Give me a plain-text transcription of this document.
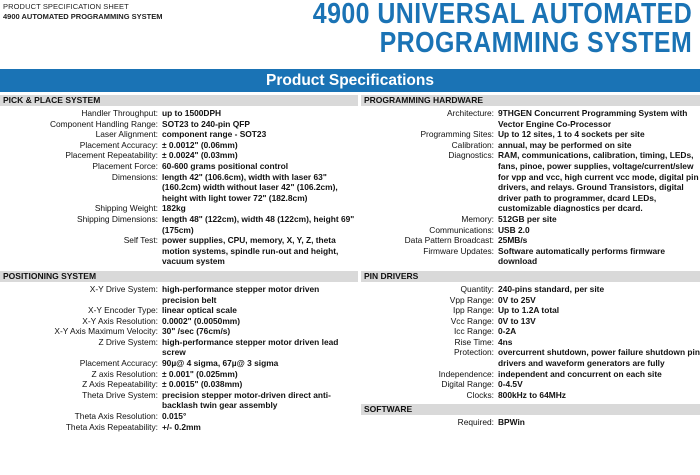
PRODUCT SPECIFICATION SHEET
4900 AUTOMATED PROGRAMMING SYSTEM	4900 UNIVERSAL AUTOMATED
PROGRAMMING SYSTEM
Product Specifications
PICK & PLACE SYSTEM
Handler Throughput: up to 1500DPH
Component Handling Range: SOT23 to 240-pin QFP
Laser Alignment: component range - SOT23
Placement Accuracy: ± 0.0012" (0.06mm)
Placement Repeatability: ± 0.0024" (0.03mm)
Placement Force: 60-600 grams positional control
Dimensions: length 42" (106.6cm), width with laser 63" (160.2cm) width without laser 42" (106.2cm), height with light tower 72" (182.8cm)
Shipping Weight: 182kg
Shipping Dimensions: length 48" (122cm), width 48 (122cm), height 69" (175cm)
Self Test: power supplies, CPU, memory, X, Y, Z, theta motion systems, spindle run-out and height, vacuum system
POSITIONING SYSTEM
X-Y Drive System: high-performance stepper motor driven precision belt
X-Y Encoder Type: linear optical scale
X-Y Axis Resolution: 0.0002" (0.0050mm)
X-Y Axis Maximum Velocity: 30" /sec (76cm/s)
Z Drive System: high-performance stepper motor driven lead screw
Placement Accuracy: 90µ@ 4 sigma, 67µ@ 3 sigma
Z axis Resolution: ± 0.001" (0.025mm)
Z Axis Repeatability: ± 0.0015" (0.038mm)
Theta Drive System: precision stepper motor-driven direct anti-backlash twin gear assembly
Theta Axis Resolution: 0.015°
Theta Axis Repeatability: +/- 0.2mm
PROGRAMMING HARDWARE
Architecture: 9THGEN Concurrent Programming System with Vector Engine Co-Processor
Programming Sites: Up to 12 sites, 1 to 4 sockets per site
Calibration: annual, may be performed on site
Diagnostics: RAM, communications, calibration, timing, LEDs, fans, pinoe, power supplies, voltage/current/slew for vpp and vcc, high current vcc mode, digital pin drivers, and relays. Ground Transistors, digital driver path to programmer, dcard LEDs, customizable diagnostics per dcard.
Memory: 512GB per site
Communications: USB 2.0
Data Pattern Broadcast: 25MB/s
Firmware Updates: Software automatically performs firmware download
PIN DRIVERS
Quantity: 240-pins standard, per site
Vpp Range: 0V to 25V
Ipp Range: Up to 1.2A total
Vcc Range: 0V to 13V
Icc Range: 0-2A
Rise Time: 4ns
Protection: overcurrent shutdown, power failure shutdown pin drivers and waveform generators are fully
Independence: independent and concurrent on each site
Digital Range: 0-4.5V
Clocks: 800kHz to 64MHz
SOFTWARE
Required: BPWin
